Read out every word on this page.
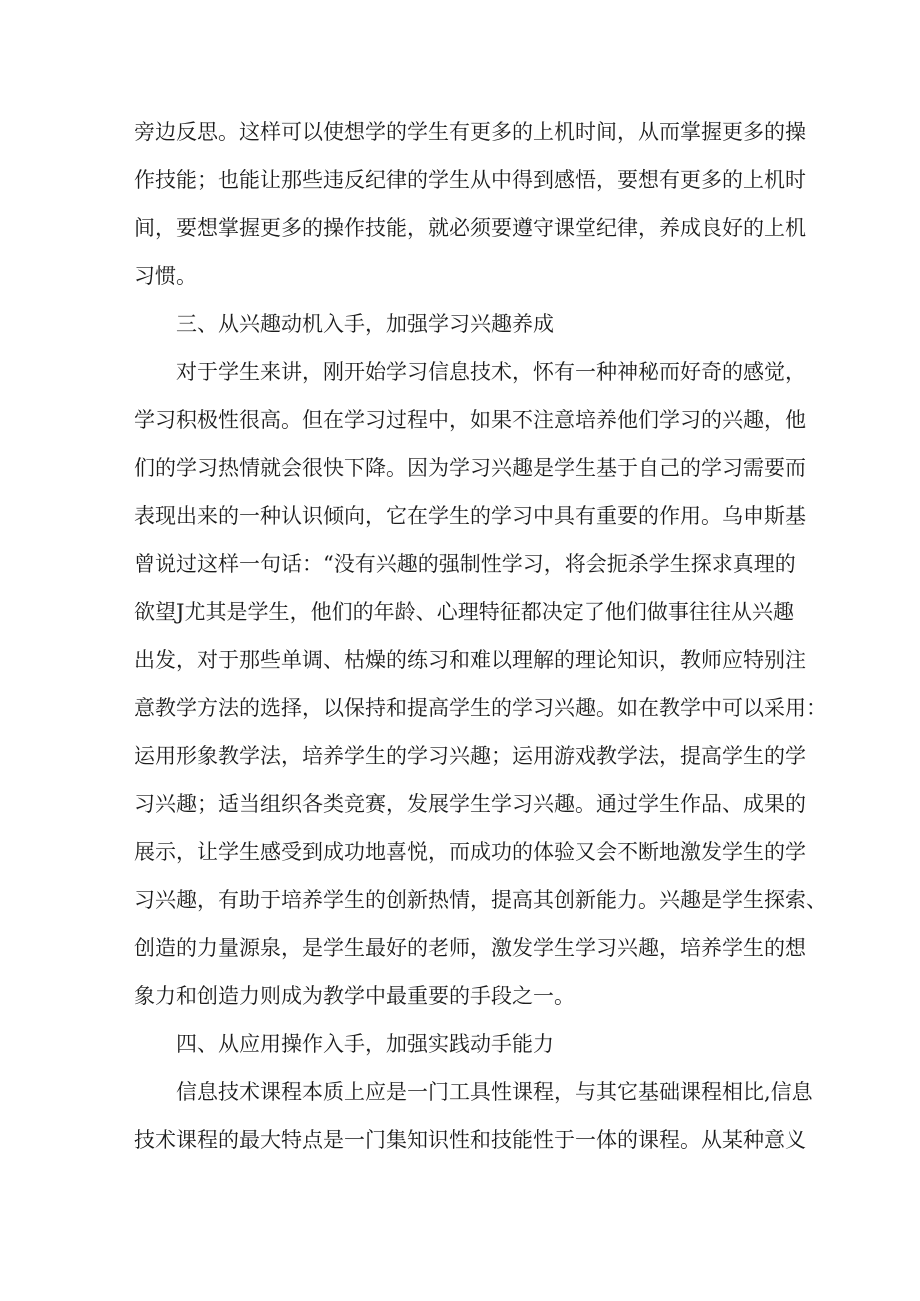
旁边反思。这样可以使想学的学生有更多的上机时间，从而掌握更多的操
作技能；也能让那些违反纪律的学生从中得到感悟，要想有更多的上机时
间，要想掌握更多的操作技能，就必须要遵守课堂纪律，养成良好的上机
习惯。
三、从兴趣动机入手，加强学习兴趣养成
对于学生来讲，刚开始学习信息技术，怀有一种神秘而好奇的感觉，
学习积极性很高。但在学习过程中，如果不注意培养他们学习的兴趣，他
们的学习热情就会很快下降。因为学习兴趣是学生基于自己的学习需要而
表现出来的一种认识倾向，它在学生的学习中具有重要的作用。乌申斯基
曾说过这样一句话：“没有兴趣的强制性学习，将会扼杀学生探求真理的
欲望J尤其是学生，他们的年龄、心理特征都决定了他们做事往往从兴趣
出发，对于那些单调、枯燥的练习和难以理解的理论知识，教师应特别注
意教学方法的选择，以保持和提高学生的学习兴趣。如在教学中可以采用：
运用形象教学法，培养学生的学习兴趣；运用游戏教学法，提高学生的学
习兴趣；适当组织各类竞赛，发展学生学习兴趣。通过学生作品、成果的
展示，让学生感受到成功地喜悦，而成功的体验又会不断地激发学生的学
习兴趣，有助于培养学生的创新热情，提高其创新能力。兴趣是学生探索、
创造的力量源泉，是学生最好的老师，激发学生学习兴趣，培养学生的想
象力和创造力则成为教学中最重要的手段之一。
四、从应用操作入手，加强实践动手能力
信息技术课程本质上应是一门工具性课程，与其它基础课程相比,信息
技术课程的最大特点是一门集知识性和技能性于一体的课程。从某种意义
